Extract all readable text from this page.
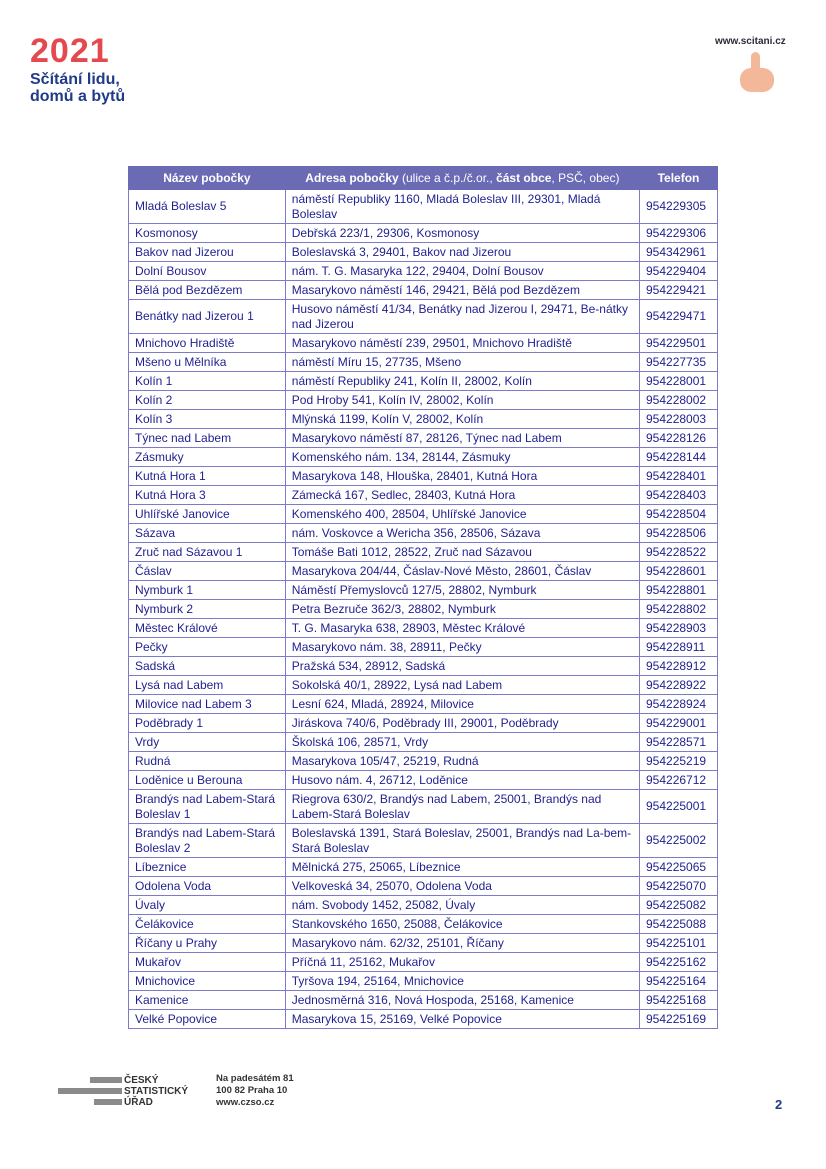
2021
Sčítání lidu,
domů a bytů
www.scitani.cz
Název pobočky	Adresa pobočky (ulice a č.p./č.or., část obce, PSČ, obec)	Telefon
Mladá Boleslav 5	náměstí Republiky 1160, Mladá Boleslav III, 29301, Mladá Boleslav	954229305
Kosmonosy	Debřská 223/1, 29306, Kosmonosy	954229306
Bakov nad Jizerou	Boleslavská 3, 29401, Bakov nad Jizerou	954342961
Dolní Bousov	nám. T. G. Masaryka 122, 29404, Dolní Bousov	954229404
Bělá pod Bezdězem	Masarykovo náměstí 146, 29421, Bělá pod Bezdězem	954229421
Benátky nad Jizerou 1	Husovo náměstí 41/34, Benátky nad Jizerou I, 29471, Be-nátky nad Jizerou	954229471
Mnichovo Hradiště	Masarykovo náměstí 239, 29501, Mnichovo Hradiště	954229501
Mšeno u Mělníka	náměstí Míru 15, 27735, Mšeno	954227735
Kolín 1	náměstí Republiky 241, Kolín II, 28002, Kolín	954228001
Kolín 2	Pod Hroby 541, Kolín IV, 28002, Kolín	954228002
Kolín 3	Mlýnská 1199, Kolín V, 28002, Kolín	954228003
Týnec nad Labem	Masarykovo náměstí 87, 28126, Týnec nad Labem	954228126
Zásmuky	Komenského nám. 134, 28144, Zásmuky	954228144
Kutná Hora 1	Masarykova 148, Hlouška, 28401, Kutná Hora	954228401
Kutná Hora 3	Zámecká 167, Sedlec, 28403, Kutná Hora	954228403
Uhlířské Janovice	Komenského 400, 28504, Uhlířské Janovice	954228504
Sázava	nám. Voskovce a Wericha 356, 28506, Sázava	954228506
Zruč nad Sázavou 1	Tomáše Bati 1012, 28522, Zruč nad Sázavou	954228522
Čáslav	Masarykova 204/44, Čáslav-Nové Město, 28601, Čáslav	954228601
Nymburk 1	Náměstí Přemyslovců 127/5, 28802, Nymburk	954228801
Nymburk 2	Petra Bezruče 362/3, 28802, Nymburk	954228802
Městec Králové	T. G. Masaryka 638, 28903, Městec Králové	954228903
Pečky	Masarykovo nám. 38, 28911, Pečky	954228911
Sadská	Pražská 534, 28912, Sadská	954228912
Lysá nad Labem	Sokolská 40/1, 28922, Lysá nad Labem	954228922
Milovice nad Labem 3	Lesní 624, Mladá, 28924, Milovice	954228924
Poděbrady 1	Jiráskova 740/6, Poděbrady III, 29001, Poděbrady	954229001
Vrdy	Školská 106, 28571, Vrdy	954228571
Rudná	Masarykova 105/47, 25219, Rudná	954225219
Loděnice u Berouna	Husovo nám. 4, 26712, Loděnice	954226712
Brandýs nad Labem-Stará Boleslav 1	Riegrova 630/2, Brandýs nad Labem, 25001, Brandýs nad Labem-Stará Boleslav	954225001
Brandýs nad Labem-Stará Boleslav 2	Boleslavská 1391, Stará Boleslav, 25001, Brandýs nad La-bem-Stará Boleslav	954225002
Líbeznice	Mělnická 275, 25065, Líbeznice	954225065
Odolena Voda	Velkoveská 34, 25070, Odolena Voda	954225070
Úvaly	nám. Svobody 1452, 25082, Úvaly	954225082
Čelákovice	Stankovského 1650, 25088, Čelákovice	954225088
Říčany u Prahy	Masarykovo nám. 62/32, 25101, Říčany	954225101
Mukařov	Příčná 11, 25162, Mukařov	954225162
Mnichovice	Tyršova 194, 25164, Mnichovice	954225164
Kamenice	Jednosměrná 316, Nová Hospoda, 25168, Kamenice	954225168
Velké Popovice	Masarykova 15, 25169, Velké Popovice	954225169
ČESKÝ
STATISTICKÝ
ÚŘAD
Na padesátém 81
100 82 Praha 10
www.czso.cz	2
